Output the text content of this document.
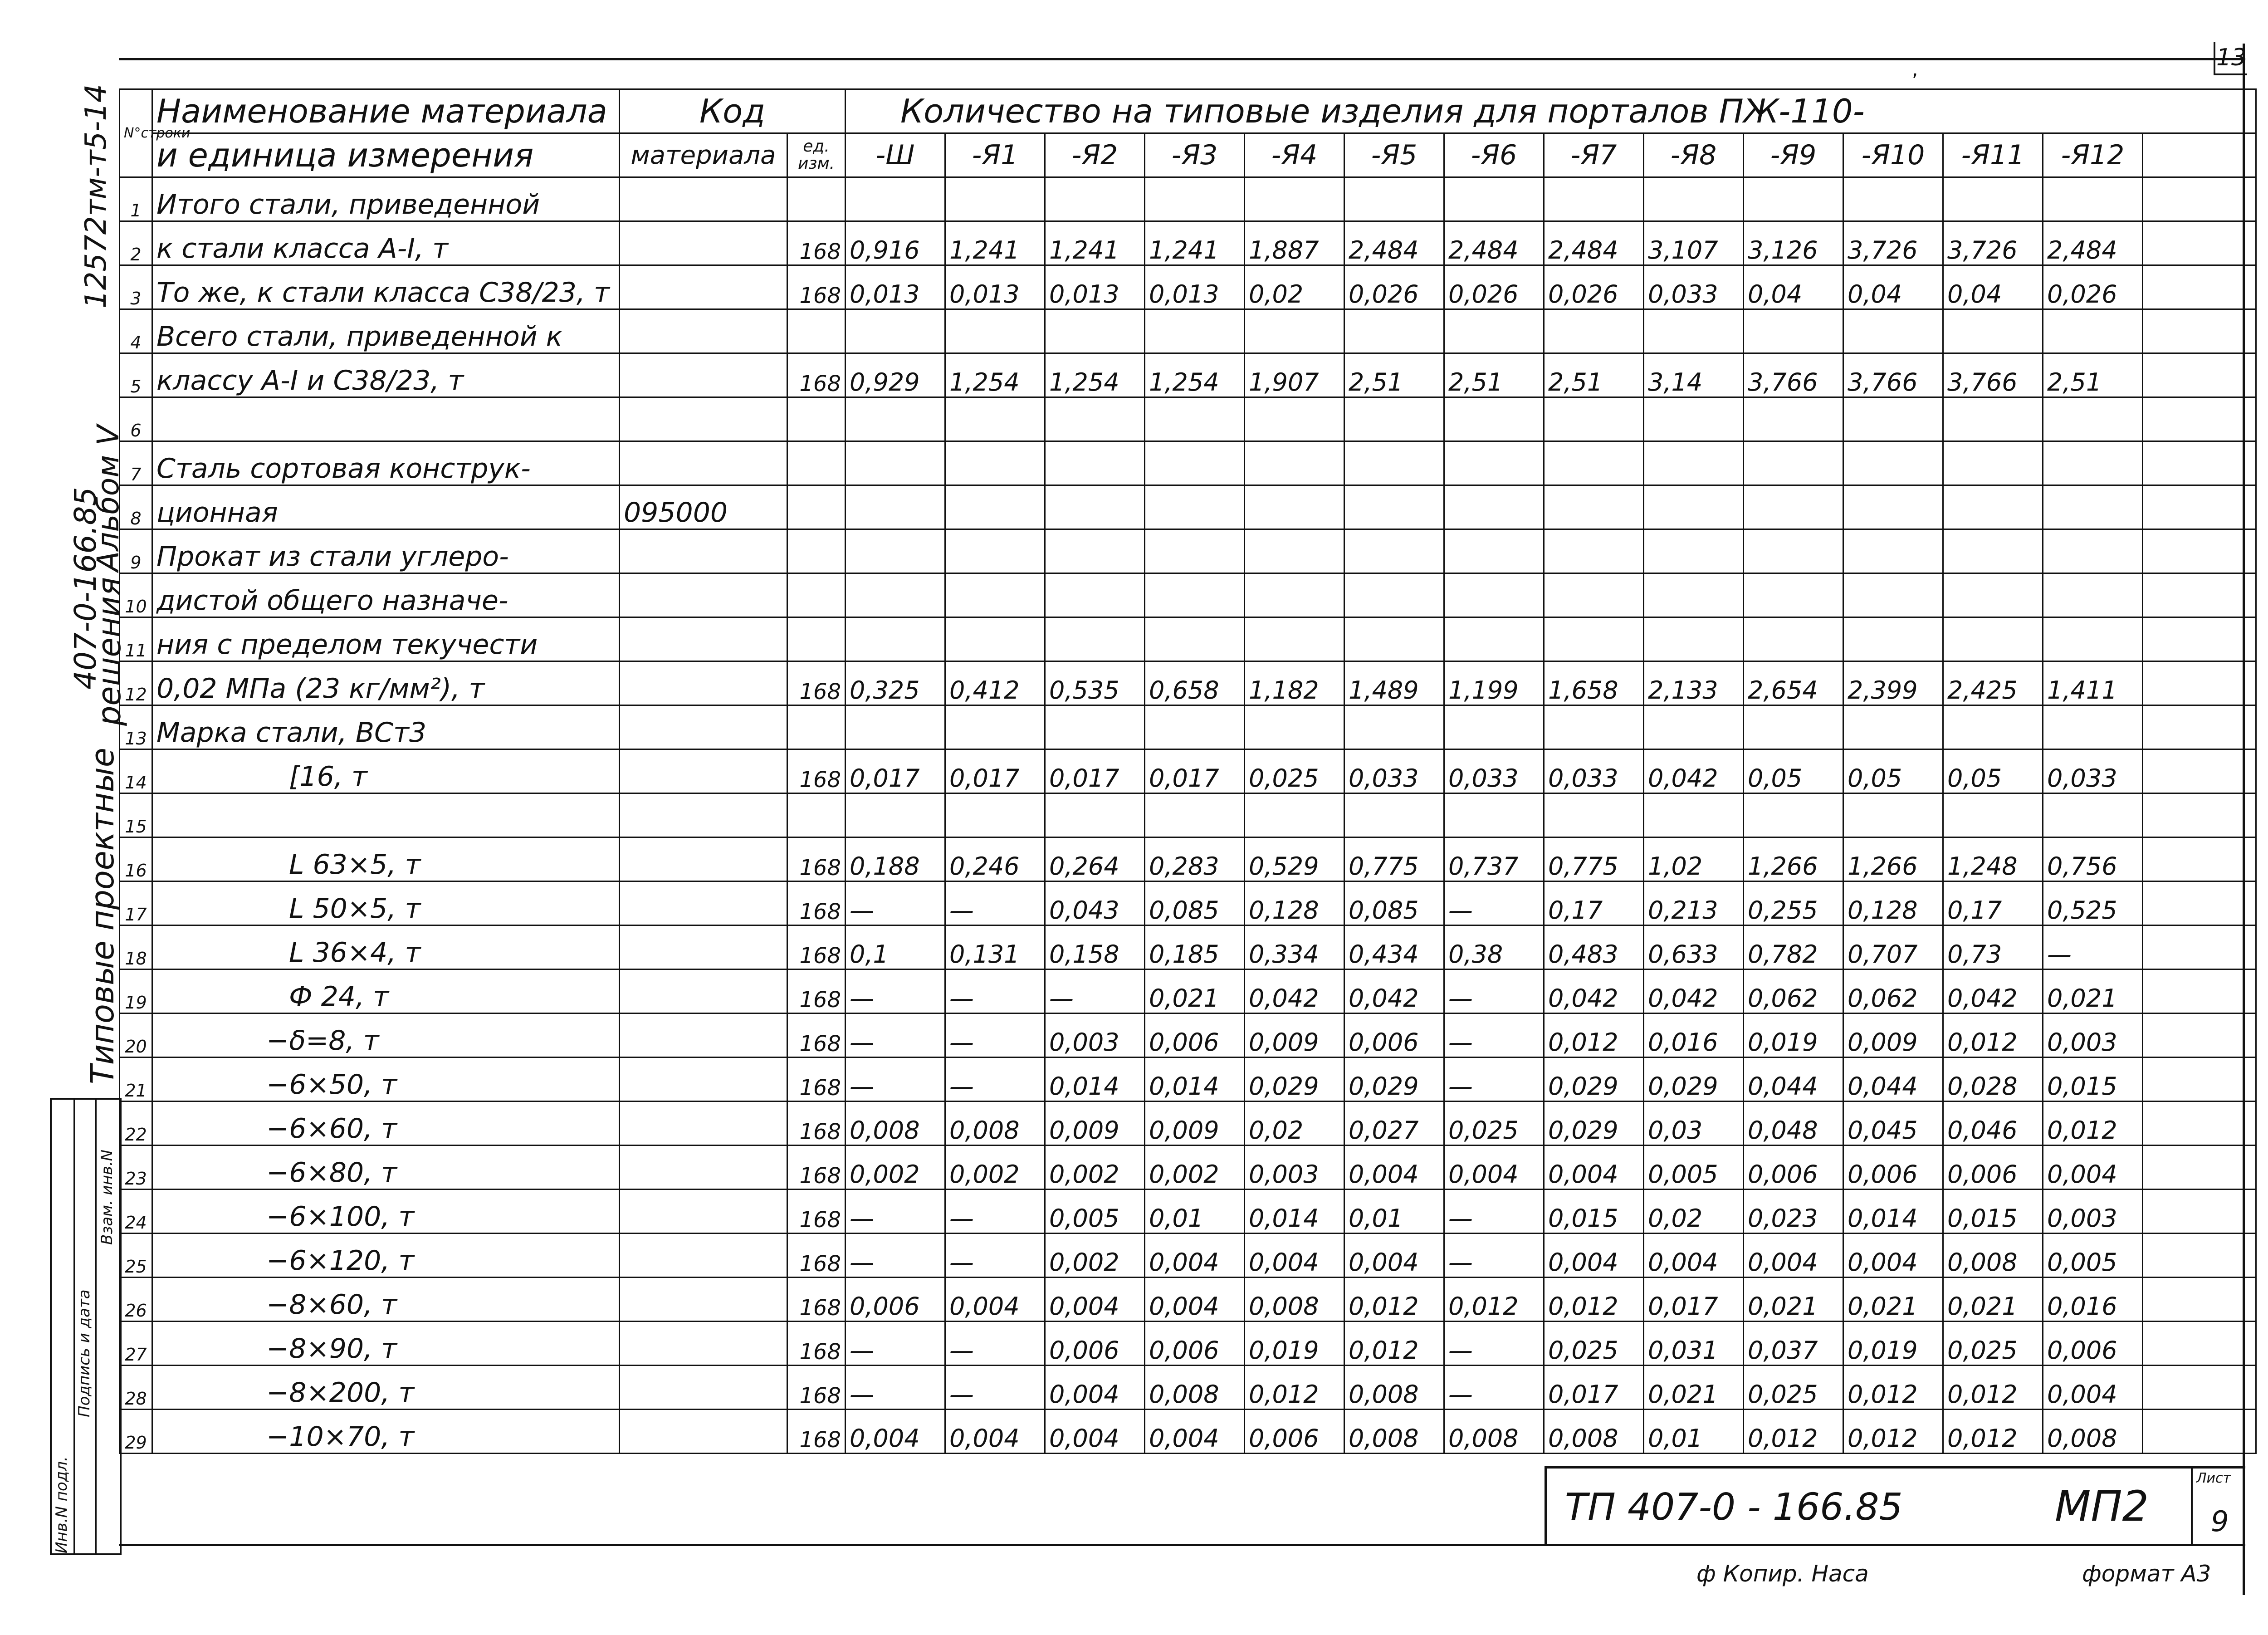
13
,
12572тм-т5-14
Альбом V
407-0-166.85
решения
Типовые проектные
Инв.N подл.
Подпись и дата
Взам. инв.N
N°строки	Наименование материала	Код		Количество на типовые изделия для порталов ПЖ-110-													
	и единица измерения	материала	ед. изм.	-Ш	-Я1	-Я2	-Я3	-Я4	-Я5	-Я6	-Я7	-Я8	-Я9	-Я10	-Я11	-Я12	
1	Итого стали, приведенной																
2	к стали класса А-I, т		168	0,916	1,241	1,241	1,241	1,887	2,484	2,484	2,484	3,107	3,126	3,726	3,726	2,484	
3	То же, к стали класса С38/23, т		168	0,013	0,013	0,013	0,013	0,02	0,026	0,026	0,026	0,033	0,04	0,04	0,04	0,026	
4	Всего стали, приведенной к																
5	классу А-I и С38/23, т		168	0,929	1,254	1,254	1,254	1,907	2,51	2,51	2,51	3,14	3,766	3,766	3,766	2,51	
6																	
7	Сталь сортовая конструк-																
8	ционная	095000															
9	Прокат из стали углеро-																
10	дистой общего назначе-																
11	ния с пределом текучести																
12	0,02 МПа (23 кг/мм²), т		168	0,325	0,412	0,535	0,658	1,182	1,489	1,199	1,658	2,133	2,654	2,399	2,425	1,411	
13	Марка стали, ВСт3																
14	[16, т		168	0,017	0,017	0,017	0,017	0,025	0,033	0,033	0,033	0,042	0,05	0,05	0,05	0,033	
15																	
16	L 63×5, т		168	0,188	0,246	0,264	0,283	0,529	0,775	0,737	0,775	1,02	1,266	1,266	1,248	0,756	
17	L 50×5, т		168	—	—	0,043	0,085	0,128	0,085	—	0,17	0,213	0,255	0,128	0,17	0,525	
18	L 36×4, т		168	0,1	0,131	0,158	0,185	0,334	0,434	0,38	0,483	0,633	0,782	0,707	0,73	—	
19	Ф 24, т		168	—	—	—	0,021	0,042	0,042	—	0,042	0,042	0,062	0,062	0,042	0,021	
20	−δ=8, т		168	—	—	0,003	0,006	0,009	0,006	—	0,012	0,016	0,019	0,009	0,012	0,003	
21	−6×50, т		168	—	—	0,014	0,014	0,029	0,029	—	0,029	0,029	0,044	0,044	0,028	0,015	
22	−6×60, т		168	0,008	0,008	0,009	0,009	0,02	0,027	0,025	0,029	0,03	0,048	0,045	0,046	0,012	
23	−6×80, т		168	0,002	0,002	0,002	0,002	0,003	0,004	0,004	0,004	0,005	0,006	0,006	0,006	0,004	
24	−6×100, т		168	—	—	0,005	0,01	0,014	0,01	—	0,015	0,02	0,023	0,014	0,015	0,003	
25	−6×120, т		168	—	—	0,002	0,004	0,004	0,004	—	0,004	0,004	0,004	0,004	0,008	0,005	
26	−8×60, т		168	0,006	0,004	0,004	0,004	0,008	0,012	0,012	0,012	0,017	0,021	0,021	0,021	0,016	
27	−8×90, т		168	—	—	0,006	0,006	0,019	0,012	—	0,025	0,031	0,037	0,019	0,025	0,006	
28	−8×200, т		168	—	—	0,004	0,008	0,012	0,008	—	0,017	0,021	0,025	0,012	0,012	0,004	
29	−10×70, т		168	0,004	0,004	0,004	0,004	0,006	0,008	0,008	0,008	0,01	0,012	0,012	0,012	0,008	
ТП 407-0 - 166.85	МП2
Лист
9
ф Копир. Наса	формат А3
